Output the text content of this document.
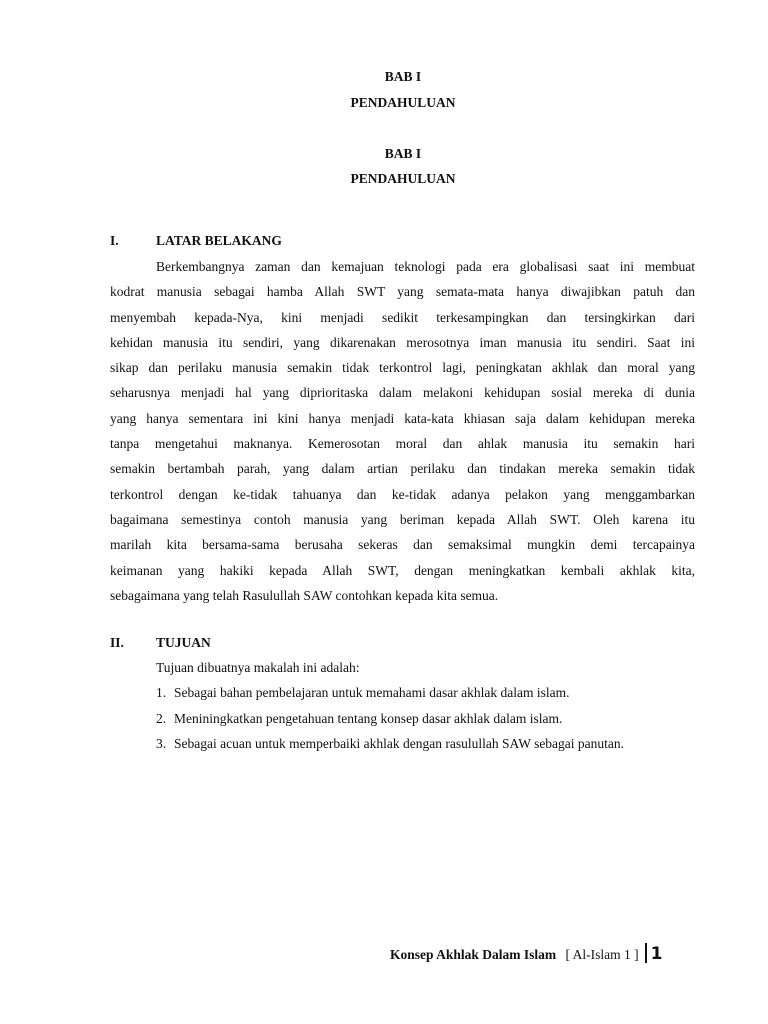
BAB I
PENDAHULUAN
BAB I
PENDAHULUAN
I.	LATAR BELAKANG
Berkembangnya zaman dan kemajuan teknologi pada era globalisasi saat ini membuat
kodrat manusia sebagai hamba Allah SWT yang semata-mata hanya diwajibkan patuh dan
menyembah kepada-Nya, kini menjadi sedikit terkesampingkan dan tersingkirkan dari
kehidan manusia itu sendiri, yang dikarenakan merosotnya iman manusia itu sendiri. Saat ini
sikap dan perilaku manusia semakin tidak terkontrol lagi, peningkatan akhlak dan moral yang
seharusnya menjadi hal yang diprioritaska dalam melakoni kehidupan sosial mereka di dunia
yang hanya sementara ini kini hanya menjadi kata-kata khiasan saja dalam kehidupan mereka
tanpa mengetahui maknanya. Kemerosotan moral dan ahlak manusia itu semakin hari
semakin bertambah parah, yang dalam artian perilaku dan tindakan mereka semakin tidak
terkontrol dengan ke-tidak tahuanya dan ke-tidak adanya pelakon yang menggambarkan
bagaimana semestinya contoh manusia yang beriman kepada Allah SWT. Oleh karena itu
marilah kita bersama-sama berusaha sekeras dan semaksimal mungkin demi tercapainya
keimanan yang hakiki kepada Allah SWT, dengan meningkatkan kembali akhlak kita,
sebagaimana yang telah Rasulullah SAW contohkan kepada kita semua.
II. TUJUAN
Tujuan dibuatnya makalah ini adalah:
1. Sebagai bahan pembelajaran untuk memahami dasar akhlak dalam islam.
2. Meniningkatkan pengetahuan tentang konsep dasar akhlak dalam islam.
3. Sebagai acuan untuk memperbaiki akhlak dengan rasulullah SAW sebagai panutan.
Konsep Akhlak Dalam Islam [ Al-Islam 1 ] 1
